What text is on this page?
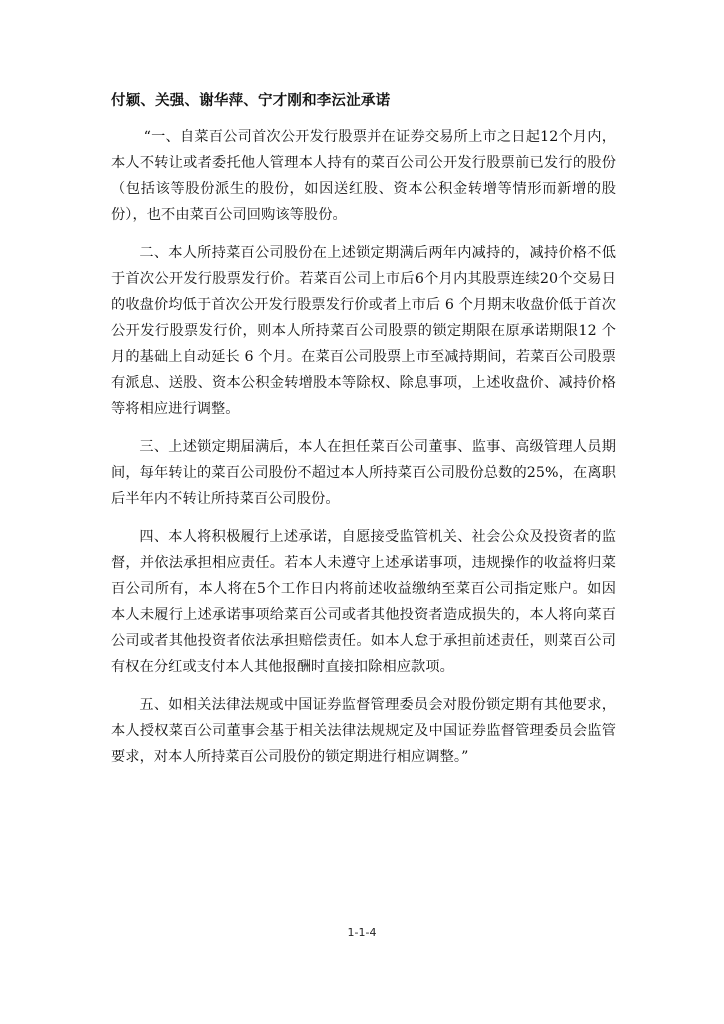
付颖、关强、谢华萍、宁才刚和李沄沚承诺

“一、自菜百公司首次公开发行股票并在证券交易所上市之日起12个月内，本人不转让或者委托他人管理本人持有的菜百公司公开发行股票前已发行的股份（包括该等股份派生的股份，如因送红股、资本公积金转增等情形而新增的股份），也不由菜百公司回购该等股份。

二、本人所持菜百公司股份在上述锁定期满后两年内减持的，减持价格不低于首次公开发行股票发行价。若菜百公司上市后6个月内其股票连续20个交易日的收盘价均低于首次公开发行股票发行价或者上市后 6 个月期末收盘价低于首次公开发行股票发行价，则本人所持菜百公司股票的锁定期限在原承诺期限12 个月的基础上自动延长 6 个月。在菜百公司股票上市至减持期间，若菜百公司股票有派息、送股、资本公积金转增股本等除权、除息事项，上述收盘价、减持价格等将相应进行调整。

三、上述锁定期届满后，本人在担任菜百公司董事、监事、高级管理人员期间，每年转让的菜百公司股份不超过本人所持菜百公司股份总数的25%，在离职后半年内不转让所持菜百公司股份。

四、本人将积极履行上述承诺，自愿接受监管机关、社会公众及投资者的监督，并依法承担相应责任。若本人未遵守上述承诺事项，违规操作的收益将归菜百公司所有，本人将在5个工作日内将前述收益缴纳至菜百公司指定账户。如因本人未履行上述承诺事项给菜百公司或者其他投资者造成损失的，本人将向菜百公司或者其他投资者依法承担赔偿责任。如本人怠于承担前述责任，则菜百公司有权在分红或支付本人其他报酬时直接扣除相应款项。

五、如相关法律法规或中国证券监督管理委员会对股份锁定期有其他要求，本人授权菜百公司董事会基于相关法律法规规定及中国证券监督管理委员会监管要求，对本人所持菜百公司股份的锁定期进行相应调整。”

1-1-4
